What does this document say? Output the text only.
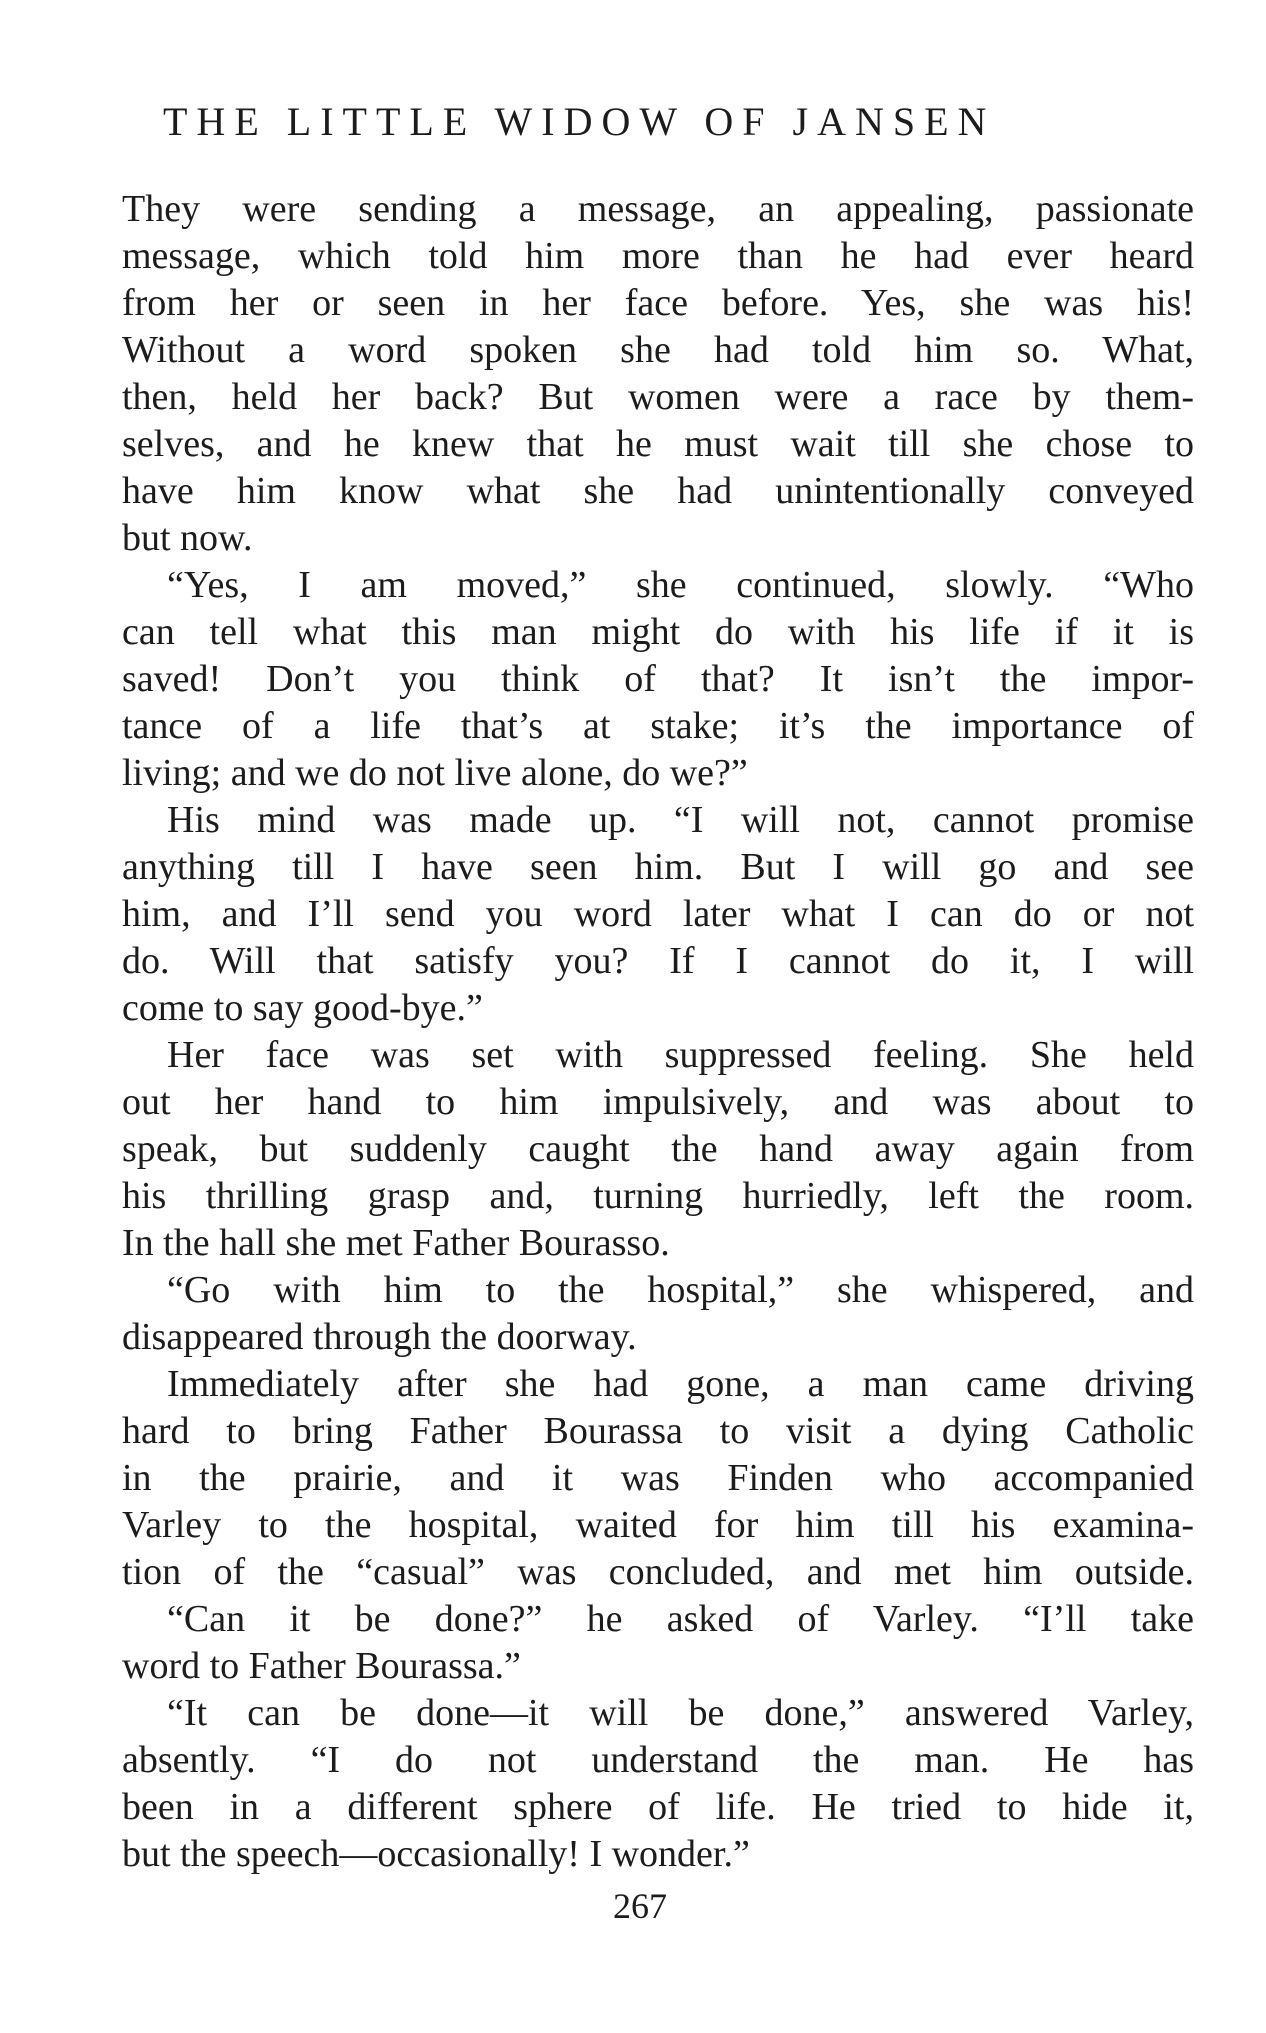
THE LITTLE WIDOW OF JANSEN
They were sending a message, an appealing, passionate
message, which told him more than he had ever heard
from her or seen in her face before. Yes, she was his!
Without a word spoken she had told him so. What,
then, held her back? But women were a race by them-
selves, and he knew that he must wait till she chose to
have him know what she had unintentionally conveyed
but now.
“Yes, I am moved,” she continued, slowly. “Who
can tell what this man might do with his life if it is
saved! Don’t you think of that? It isn’t the impor-
tance of a life that’s at stake; it’s the importance of
living; and we do not live alone, do we?”
His mind was made up. “I will not, cannot promise
anything till I have seen him. But I will go and see
him, and I’ll send you word later what I can do or not
do. Will that satisfy you? If I cannot do it, I will
come to say good-bye.”
Her face was set with suppressed feeling. She held
out her hand to him impulsively, and was about to
speak, but suddenly caught the hand away again from
his thrilling grasp and, turning hurriedly, left the room.
In the hall she met Father Bourasso.
“Go with him to the hospital,” she whispered, and
disappeared through the doorway.
Immediately after she had gone, a man came driving
hard to bring Father Bourassa to visit a dying Catholic
in the prairie, and it was Finden who accompanied
Varley to the hospital, waited for him till his examina-
tion of the “casual” was concluded, and met him outside.
“Can it be done?” he asked of Varley. “I’ll take
word to Father Bourassa.”
“It can be done—it will be done,” answered Varley,
absently. “I do not understand the man. He has
been in a different sphere of life. He tried to hide it,
but the speech—occasionally! I wonder.”
267
